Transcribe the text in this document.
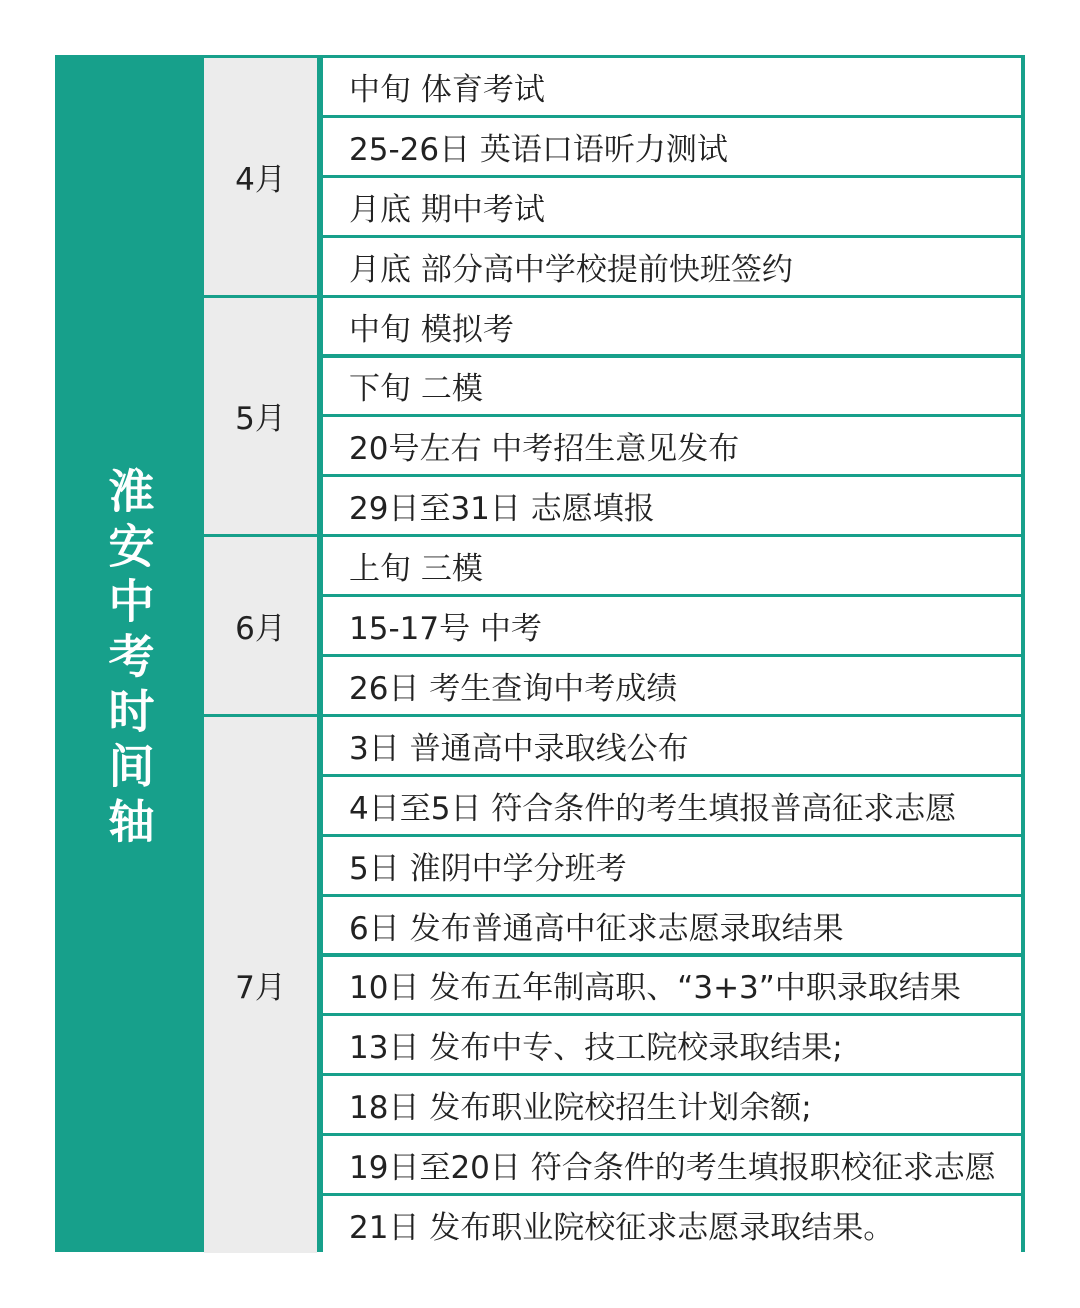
淮安中考时间轴
4月
中旬 体育考试
25-26日 英语口语听力测试
月底 期中考试
月底 部分高中学校提前快班签约
5月
中旬 模拟考
下旬 二模
20号左右 中考招生意见发布
29日至31日 志愿填报
6月
上旬 三模
15-17号 中考
26日 考生查询中考成绩
7月
3日 普通高中录取线公布
4日至5日 符合条件的考生填报普高征求志愿
5日 淮阴中学分班考
6日 发布普通高中征求志愿录取结果
10日 发布五年制高职、“3+3”中职录取结果
13日 发布中专、技工院校录取结果;
18日 发布职业院校招生计划余额;
19日至20日 符合条件的考生填报职校征求志愿
21日 发布职业院校征求志愿录取结果。
